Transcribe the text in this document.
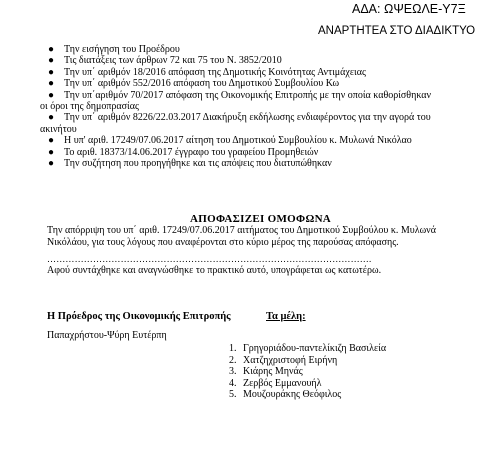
ΑΔΑ: ΩΨΕΩΛΕ-Υ7Ξ
ΑΝΑΡΤΗΤΕΑ ΣΤΟ ΔΙΑΔΙΚΤΥΟ
● Την εισήγηση του Προέδρου
● Τις διατάξεις των άρθρων 72 και 75 του Ν. 3852/2010
● Την υπ΄ αριθμόν 18/2016 απόφαση της Δημοτικής Κοινότητας Αντιμάχειας
● Την υπ΄ αριθμόν 552/2016 απόφαση του Δημοτικού Συμβουλίου Κω
● Την υπ΄αριθμόν 70/2017 απόφαση της Οικονομικής Επιτροπής με την οποία καθορίσθηκαν
οι όροι της δημοπρασίας
● Την υπ΄ αριθμόν 8226/22.03.2017 Διακήρυξη εκδήλωσης ενδιαφέροντος για την αγορά του
ακινήτου
● Η υπ' αριθ. 17249/07.06.2017 αίτηση του Δημοτικού Συμβουλίου κ. Μυλωνά Νικόλαο
● Το αριθ. 18373/14.06.2017 έγγραφο του γραφείου Προμηθειών
● Την συζήτηση που προηγήθηκε και τις απόψεις που διατυπώθηκαν
ΑΠΟΦΑΣΙΖΕΙ ΟΜΟΦΩΝΑ
Την απόρριψη του υπ΄ αριθ. 17249/07.06.2017 αιτήματος του Δημοτικού Συμβούλου κ. Μυλωνά Νικόλάου, για τους λόγους που αναφέρονται στο κύριο μέρος της παρούσας απόφασης.
…………………………………………………………………………………………….
Αφού συντάχθηκε και αναγνώσθηκε το πρακτικό αυτό, υπογράφεται ως κατωτέρω.
Η Πρόεδρος της Οικονομικής Επιτροπής	Τα μέλη:
Παπαχρήστου-Ψύρη Ευτέρπη
1. Γρηγοριάδου-παντελίκιζη Βασιλεία
2. Χατζηχριστοφή Ειρήνη
3. Κιάρης Μηνάς
4. Ζερβός Εμμανουήλ
5. Μουζουράκης Θεόφιλος
